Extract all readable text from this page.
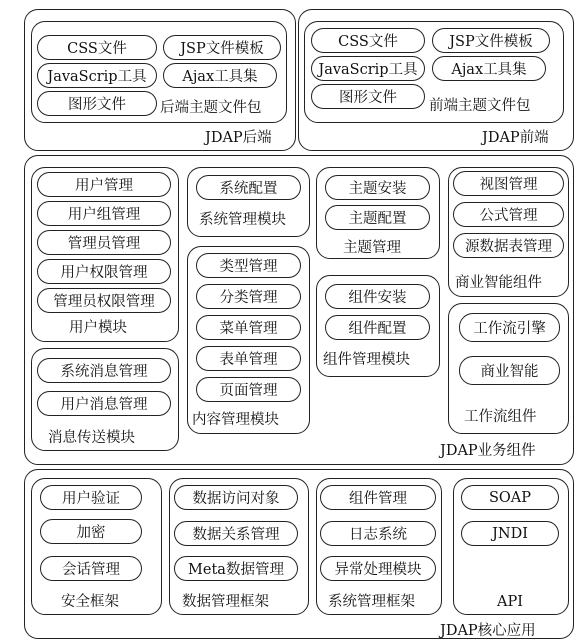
CSS文件	JSP文件模板
JavaScrip工具	Ajax工具集
图形文件	后端主题文件包
JDAP后端
CSS文件	JSP文件模板
JavaScrip工具	Ajax工具集
图形文件	前端主题文件包
JDAP前端
用户管理
用户组管理
管理员管理
用户权限管理
管理员权限管理
用户模块
系统消息管理
用户消息管理
消息传送模块
系统配置
系统管理模块
类型管理
分类管理
菜单管理
表单管理
页面管理
内容管理模块
主题安装
主题配置
主题管理
组件安装
组件配置
组件管理模块
视图管理
公式管理
源数据表管理
商业智能组件
工作流引擎
商业智能
工作流组件
JDAP业务组件
用户验证
加密
会话管理
安全框架
数据访问对象
数据关系管理
Meta数据管理
数据管理框架
组件管理
日志系统
异常处理模块
系统管理框架
SOAP
JNDI
API
JDAP核心应用
